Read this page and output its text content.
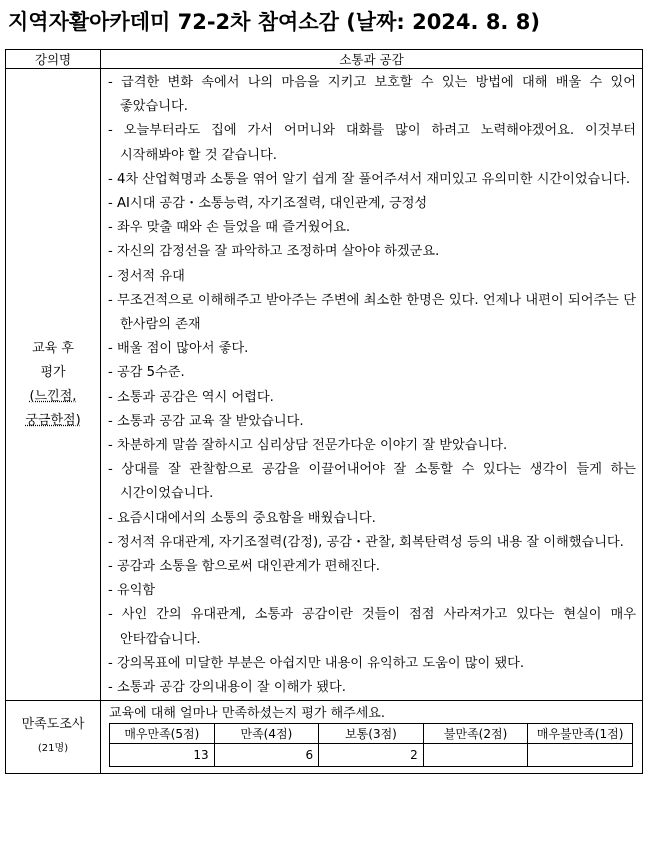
지역자활아카데미 72-2차 참여소감 (날짜: 2024. 8. 8)
강의명	소통과 공감

교육 후
평가
(느낀점,
궁금한점)

- 급격한 변화 속에서 나의 마음을 지키고 보호할 수 있는 방법에 대해 배울 수 있어 좋았습니다.
- 오늘부터라도 집에 가서 어머니와 대화를 많이 하려고 노력해야겠어요. 이것부터 시작해봐야 할 것 같습니다.
- 4차 산업혁명과 소통을 엮어 알기 쉽게 잘 풀어주셔서 재미있고 유의미한 시간이었습니다.
- AI시대 공감・소통능력, 자기조절력, 대인관계, 긍정성
- 좌우 맞출 때와 손 들었을 때 즐거웠어요.
- 자신의 감정선을 잘 파악하고 조정하며 살아야 하겠군요.
- 정서적 유대
- 무조건적으로 이해해주고 받아주는 주변에 최소한 한명은 있다. 언제나 내편이 되어주는 단 한사람의 존재
- 배울 점이 많아서 좋다.
- 공감 5수준.
- 소통과 공감은 역시 어렵다.
- 소통과 공감 교육 잘 받았습니다.
- 차분하게 말씀 잘하시고 심리상담 전문가다운 이야기 잘 받았습니다.
- 상대를 잘 관찰함으로 공감을 이끌어내어야 잘 소통할 수 있다는 생각이 들게 하는 시간이었습니다.
- 요즘시대에서의 소통의 중요함을 배웠습니다.
- 정서적 유대관계, 자기조절력(감정), 공감・관찰, 회복탄력성 등의 내용 잘 이해했습니다.
- 공감과 소통을 함으로써 대인관계가 편해진다.
- 유익함
- 사인 간의 유대관계, 소통과 공감이란 것들이 점점 사라져가고 있다는 현실이 매우 안타깝습니다.
- 강의목표에 미달한 부분은 아쉽지만 내용이 유익하고 도움이 많이 됐다.
- 소통과 공감 강의내용이 잘 이해가 됐다.

만족도조사
(21명)

교육에 대해 얼마나 만족하셨는지 평가 해주세요.
매우만족(5점)	만족(4점)	보통(3점)	불만족(2점)	매우불만족(1점)
13	6	2		
